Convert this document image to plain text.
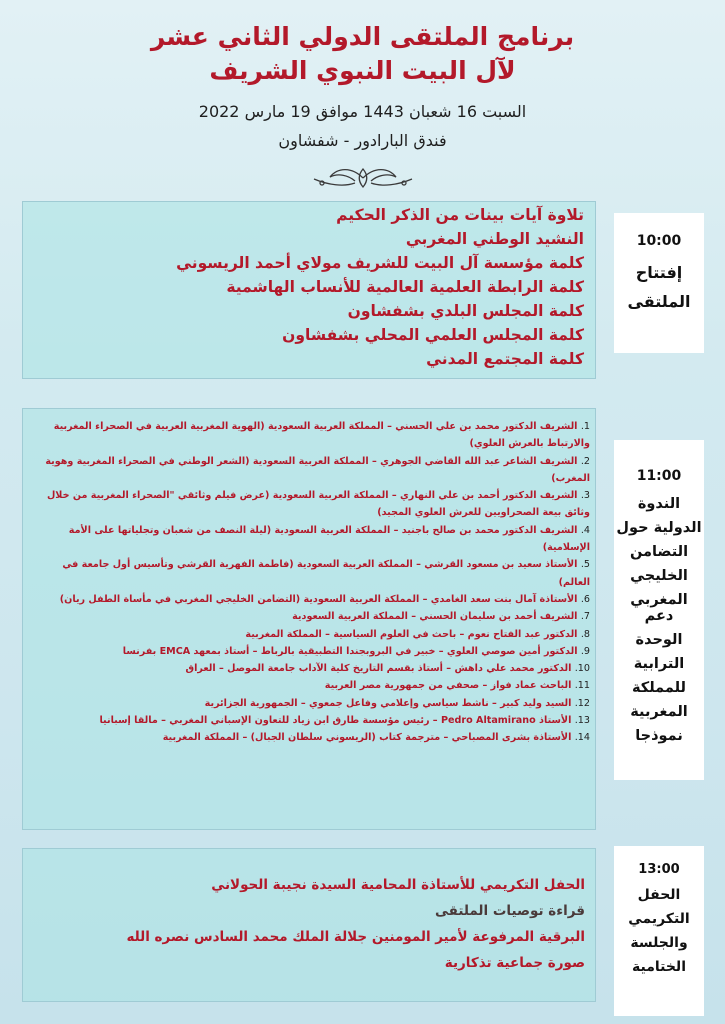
برنامج الملتقى الدولي الثاني عشر
لآل البيت النبوي الشريف
السبت 16 شعبان 1443 موافق 19 مارس 2022
فندق البارادور - شفشاون
10:00
إفتتاح
الملتقى
تلاوة آيات بينات من الذكر الحكيم
النشيد الوطني المغربي
كلمة مؤسسة آل البيت للشريف مولاي أحمد الريسوني
كلمة الرابطة العلمية العالمية للأنساب الهاشمية
كلمة المجلس البلدي بشفشاون
كلمة المجلس العلمي المحلي بشفشاون
كلمة المجتمع المدني
11:00
الندوة
الدولية حول
التضامن
الخليجي
المغربي دعم
الوحدة
الترابية
للمملكة
المغربية
نموذجا
1. الشريف الدكتور محمد بن علي الحسني – المملكة العربية السعودية (الهوية المغربية العربية في الصحراء المغربية والارتباط بالعرش العلوي)
2. الشريف الشاعر عبد الله القاضي الجوهري – المملكة العربية السعودية (الشعر الوطني في الصحراء المغربية وهوية المغرب)
3. الشريف الدكتور أحمد بن علي النهاري – المملكة العربية السعودية (عرض فيلم وثائقي "الصحراء المغربية من خلال وثائق بيعة الصحراويين للعرش العلوي المجيد)
4. الشريف الدكتور محمد بن صالح باجنيد – المملكة العربية السعودية (ليلة النصف من شعبان وتجلياتها على الأمة الإسلامية)
5. الأستاذ سعيد بن مسعود القرشي – المملكة العربية السعودية (فاطمة الفهرية القرشي وتأسيس أول جامعة في العالم)
6. الأستاذة آمال بنت سعد الغامدي – المملكة العربية السعودية (التضامن الخليجي المغربي في مأساة الطفل ريان)
7. الشريف أحمد بن سليمان الحسني – المملكة العربية السعودية
8. الدكتور عبد الفتاح نعوم – باحث في العلوم السياسية – المملكة المغربية
9. الدكتور أمين صوصي العلوي – خبير في البروبجندا التطبيقية بالرباط – أستاذ بمعهد EMCA بفرنسا
10. الدكتور محمد علي داهش – أستاذ بقسم التاريخ كلية الآداب جامعة الموصل – العراق
11. الباحث عماد فواز – صحفي من جمهورية مصر العربية
12. السيد وليد كبير – ناشط سياسي وإعلامي وفاعل جمعوي – الجمهورية الجزائرية
13. الأستاذ Pedro Altamirano – رئيس مؤسسة طارق ابن زياد للتعاون الإسباني المغربي – مالقا إسبانيا
14. الأستاذة بشرى المصباحي – مترجمة كتاب (الريسوني سلطان الجبال) – المملكة المغربية
13:00
الحفل
التكريمي
والجلسة
الختامية
الحفل التكريمي للأستاذة المحامية السيدة نجيبة الحولاني
قراءة توصيات الملتقى
البرقية المرفوعة لأمير المومنين جلالة الملك محمد السادس نصره الله
صورة جماعية تذكارية
